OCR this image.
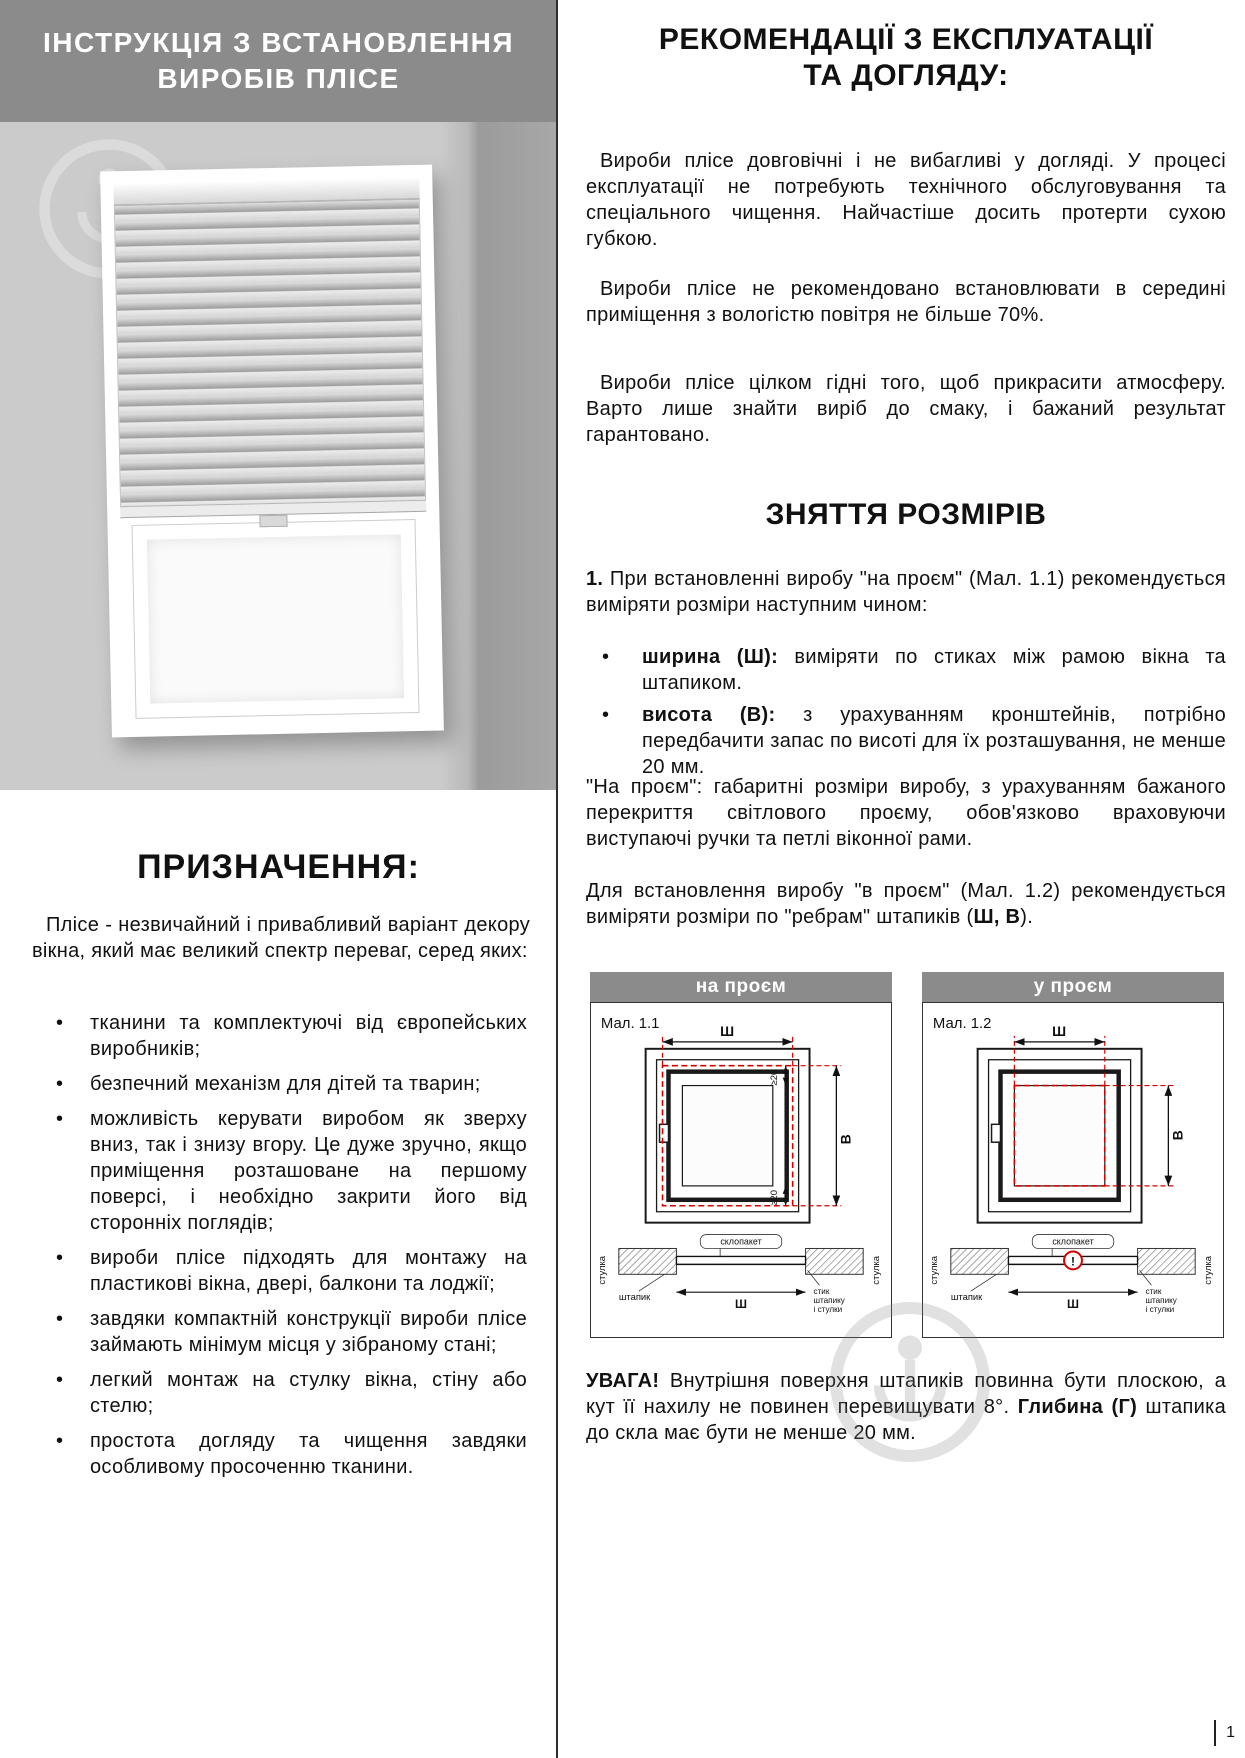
ІНСТРУКЦІЯ З ВСТАНОВЛЕННЯ
ВИРОБІВ ПЛІСЕ
ПРИЗНАЧЕННЯ:

Плісе - незвичайний і привабливий варіант декору вікна, який має великий спектр переваг, серед яких:

• тканини та комплектуючі від європейських виробників;
• безпечний механізм для дітей та тварин;
• можливість керувати виробом як зверху вниз, так і знизу вгору. Це дуже зручно, якщо приміщення розташоване на першому поверсі, і необхідно закрити його від сторонніх поглядів;
• вироби плісе підходять для монтажу на пластикові вікна, двері, балкони та лоджії;
• завдяки компактній конструкції вироби плісе займають мінімум місця у зібраному стані;
• легкий монтаж на стулку вікна, стіну або стелю;
• простота догляду та чищення завдяки особливому просоченню тканини.
РЕКОМЕНДАЦІЇ З ЕКСПЛУАТАЦІЇ
ТА ДОГЛЯДУ:

Вироби плісе довговічні і не вибагливі у догляді. У процесі експлуатації не потребують технічного обслуговування та спеціального чищення. Найчастіше досить протерти сухою губкою.

Вироби плісе не рекомендовано встановлювати в середині приміщення з вологістю повітря не більше 70%.

Вироби плісе цілком гідні того, щоб прикрасити атмосферу. Варто лише знайти виріб до смаку, і бажаний результат гарантовано.

ЗНЯТТЯ РОЗМІРІВ

1. При встановленні виробу "на проєм" (Мал. 1.1) рекомендується виміряти розміри наступним чином:

• ширина (Ш): виміряти по стиках між рамою вікна та штапиком.
• висота (В): з урахуванням кронштейнів, потрібно передбачити запас по висоті для їх розташування, не менше 20 мм.

"На проєм": габаритні розміри виробу, з урахуванням бажаного перекриття світлового проєму, обов'язково враховуючи виступаючі ручки та петлі віконної рами.

Для встановлення виробу "в проєм" (Мал. 1.2) рекомендується виміряти розміри по "ребрам" штапиків (Ш, В).

на проєм
Мал. 1.1	Ш
В
≥20
≥20
склопакет
штапик
Ш
стик
штапику
і стулки
стулка	стулка
у проєм
Мал. 1.2	Ш
В
склопакет
!
штапик
Ш
стик
штапику
і стулки
стулка	стулка

УВАГА! Внутрішня поверхня штапиків повинна бути плоскою, а кут її нахилу не повинен перевищувати 8°. Глибина (Г) штапика до скла має бути не менше 20 мм.

1
